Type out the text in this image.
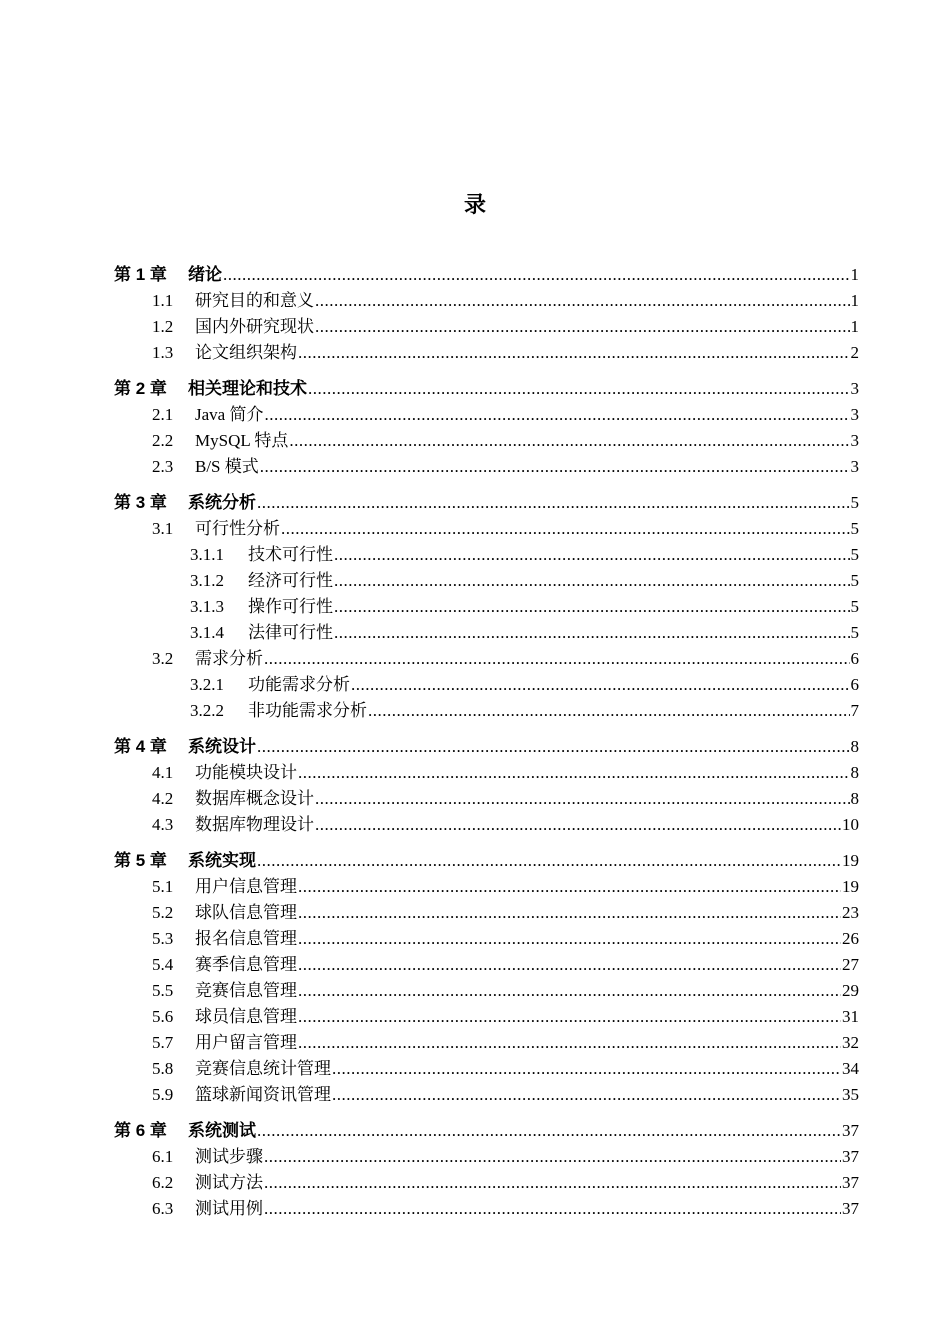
录
第 1 章	绪论 .....	1
1.1	研究目的和意义 .....	1
1.2	国内外研究现状 .....	1
1.3	论文组织架构 .....	2
第 2 章	相关理论和技术 .....	3
2.1	Java 简介 .....	3
2.2	MySQL 特点 .....	3
2.3	B/S 模式 .....	3
第 3 章	系统分析 .....	5
3.1	可行性分析 .....	5
3.1.1	技术可行性 .....	5
3.1.2	经济可行性 .....	5
3.1.3	操作可行性 .....	5
3.1.4	法律可行性 .....	5
3.2	需求分析 .....	6
3.2.1	功能需求分析 .....	6
3.2.2	非功能需求分析 .....	7
第 4 章	系统设计 .....	8
4.1	功能模块设计 .....	8
4.2	数据库概念设计 .....	8
4.3	数据库物理设计 .....	10
第 5 章	系统实现 .....	19
5.1	用户信息管理 .....	19
5.2	球队信息管理 .....	23
5.3	报名信息管理 .....	26
5.4	赛季信息管理 .....	27
5.5	竞赛信息管理 .....	29
5.6	球员信息管理 .....	31
5.7	用户留言管理 .....	32
5.8	竞赛信息统计管理 .....	34
5.9	篮球新闻资讯管理 .....	35
第 6 章	系统测试 .....	37
6.1	测试步骤 .....	37
6.2	测试方法 .....	37
6.3	测试用例 .....	37
